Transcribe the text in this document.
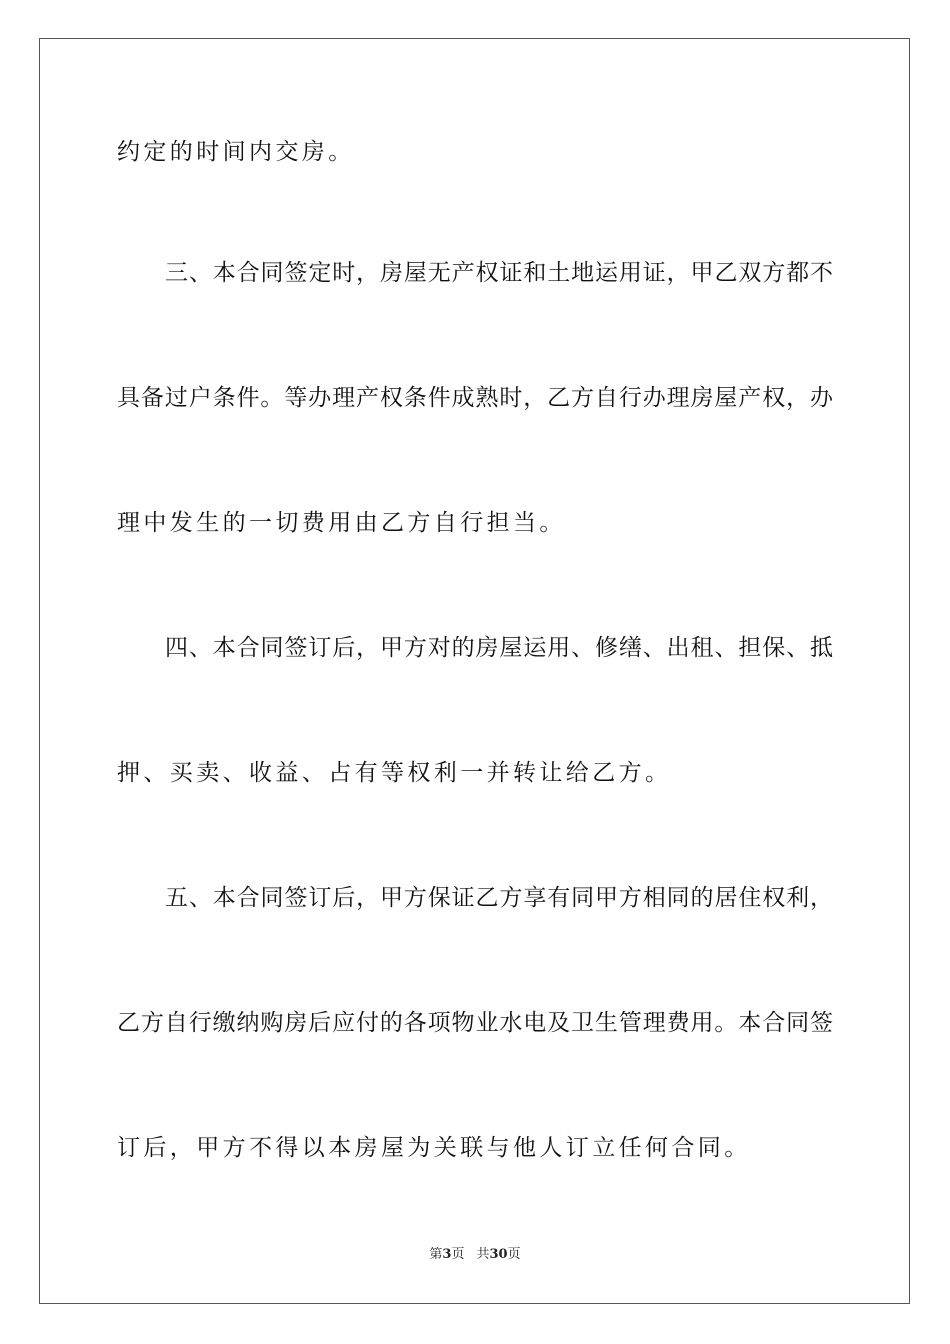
约定的时间内交房。
三、本合同签定时，房屋无产权证和土地运用证，甲乙双方都不
具备过户条件。等办理产权条件成熟时，乙方自行办理房屋产权，办
理中发生的一切费用由乙方自行担当。
四、本合同签订后，甲方对的房屋运用、修缮、出租、担保、抵
押、买卖、收益、占有等权利一并转让给乙方。
五、本合同签订后，甲方保证乙方享有同甲方相同的居住权利，
乙方自行缴纳购房后应付的各项物业水电及卫生管理费用。本合同签
订后，甲方不得以本房屋为关联与他人订立任何合同。
第3页 共30页
